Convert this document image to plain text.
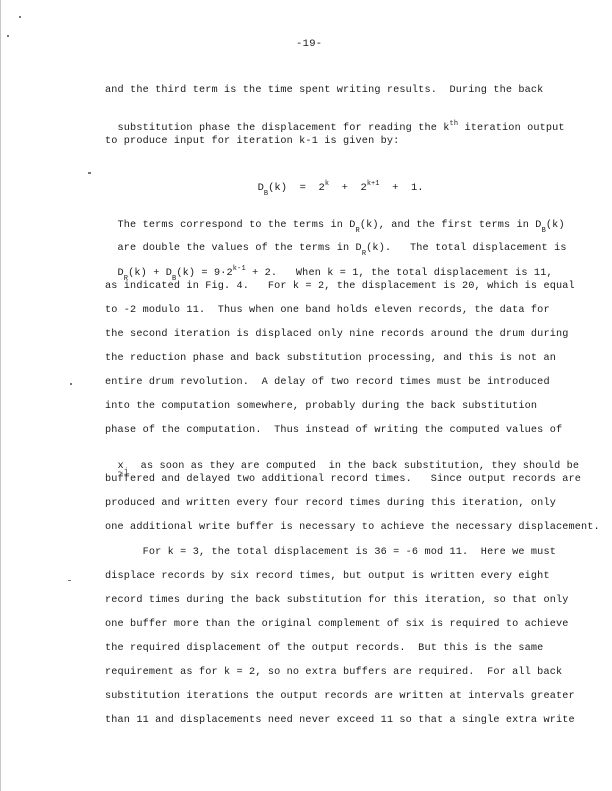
-19-
and the third term is the time spent writing results.  During the back

substitution phase the displacement for reading the $k^{th}$ iteration output

to produce input for iteration k-1 is given by:

$D_B(k) = 2^k + 2^{k+1} + 1$.

The terms correspond to the terms in $D_R(k)$, and the first terms in $D_B(k)$

are double the values of the terms in $D_R(k)$.   The total displacement is

$D_R(k) + D_B(k) = 9\cdot 2^{k-1} + 2$.   When k = 1, the total displacement is 11,

as indicated in Fig. 4.   For k = 2, the displacement is 20, which is equal
to -2 modulo 11.  Thus when one band holds eleven records, the data for
the second iteration is displaced only nine records around the drum during
the reduction phase and back substitution processing, and this is not an
entire drum revolution.  A delay of two record times must be introduced
into the computation somewhere, probably during the back substitution
phase of the computation.  Thus instead of writing the computed values of

x $\sim_j$  as soon as they are computed  in the back substitution, they should be

buffered and delayed two additional record times.   Since output records are
produced and written every four record times during this iteration, only
one additional write buffer is necessary to achieve the necessary displacement.
For k = 3, the total displacement is 36 = -6 mod 11.  Here we must
displace records by six record times, but output is written every eight
record times during the back substitution for this iteration, so that only
one buffer more than the original complement of six is required to achieve
the required displacement of the output records.  But this is the same
requirement as for k = 2, so no extra buffers are required.  For all back
substitution iterations the output records are written at intervals greater
than 11 and displacements need never exceed 11 so that a single extra write
